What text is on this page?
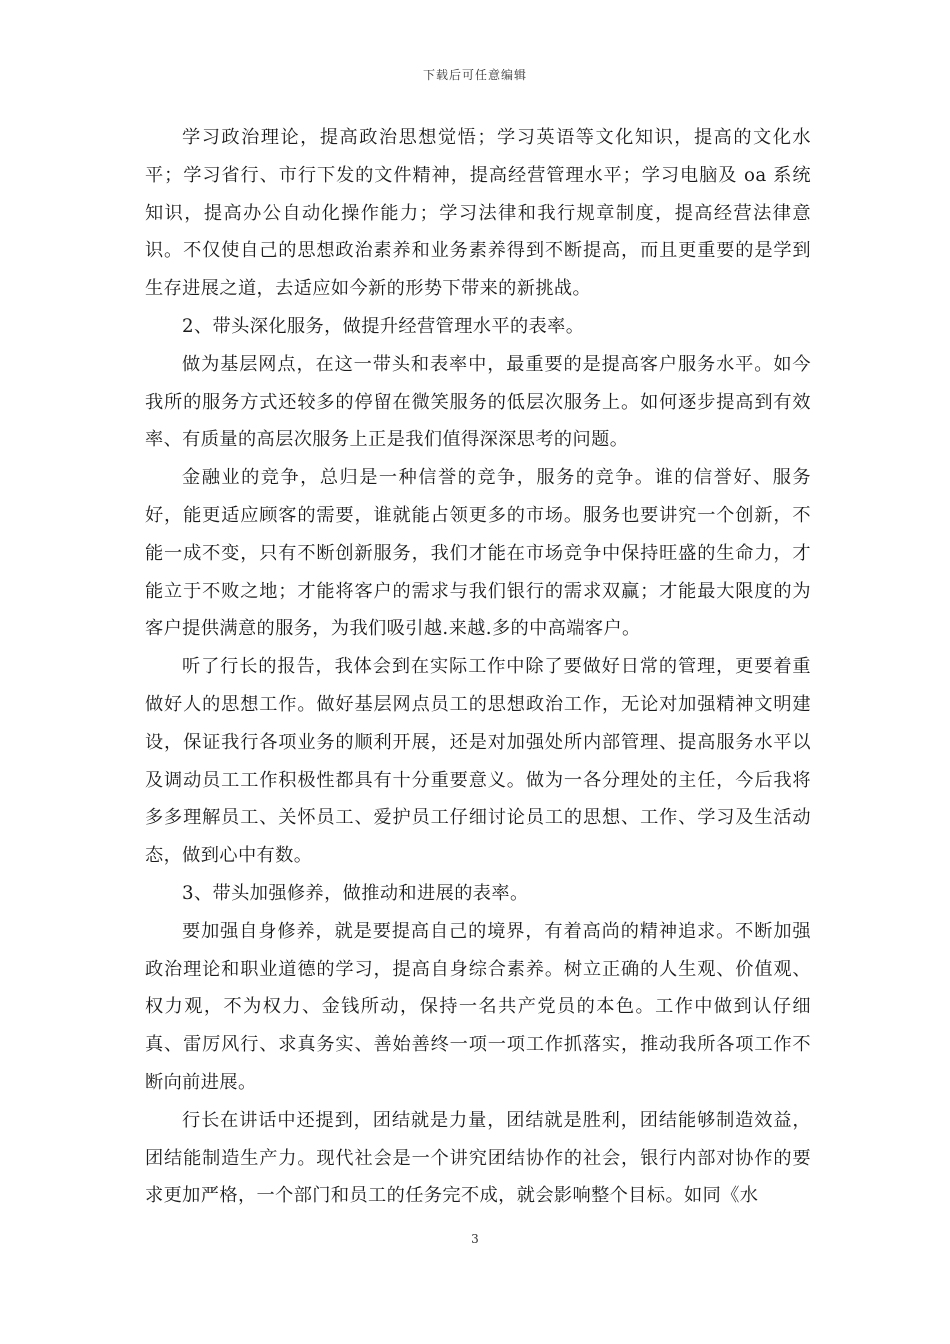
下载后可任意编辑

学习政治理论，提高政治思想觉悟；学习英语等文化知识，提高的文化水平；学习省行、市行下发的文件精神，提高经营管理水平；学习电脑及 oa 系统知识，提高办公自动化操作能力；学习法律和我行规章制度，提高经营法律意识。不仅使自己的思想政治素养和业务素养得到不断提高，而且更重要的是学到生存进展之道，去适应如今新的形势下带来的新挑战。

2、带头深化服务，做提升经营管理水平的表率。

做为基层网点，在这一带头和表率中，最重要的是提高客户服务水平。如今我所的服务方式还较多的停留在微笑服务的低层次服务上。如何逐步提高到有效率、有质量的高层次服务上正是我们值得深深思考的问题。

金融业的竞争，总归是一种信誉的竞争，服务的竞争。谁的信誉好、服务好，能更适应顾客的需要，谁就能占领更多的市场。服务也要讲究一个创新，不能一成不变，只有不断创新服务，我们才能在市场竞争中保持旺盛的生命力，才能立于不败之地；才能将客户的需求与我们银行的需求双赢；才能最大限度的为客户提供满意的服务，为我们吸引越.来越.多的中高端客户。

听了行长的报告，我体会到在实际工作中除了要做好日常的管理，更要着重做好人的思想工作。做好基层网点员工的思想政治工作，无论对加强精神文明建设，保证我行各项业务的顺利开展，还是对加强处所内部管理、提高服务水平以及调动员工工作积极性都具有十分重要意义。做为一各分理处的主任，今后我将多多理解员工、关怀员工、爱护员工仔细讨论员工的思想、工作、学习及生活动态，做到心中有数。

3、带头加强修养，做推动和进展的表率。

要加强自身修养，就是要提高自己的境界，有着高尚的精神追求。不断加强政治理论和职业道德的学习，提高自身综合素养。树立正确的人生观、价值观、权力观，不为权力、金钱所动，保持一名共产党员的本色。工作中做到认仔细真、雷厉风行、求真务实、善始善终一项一项工作抓落实，推动我所各项工作不断向前进展。

行长在讲话中还提到，团结就是力量，团结就是胜利，团结能够制造效益，团结能制造生产力。现代社会是一个讲究团结协作的社会，银行内部对协作的要求更加严格，一个部门和员工的任务完不成，就会影响整个目标。如同《水

3
